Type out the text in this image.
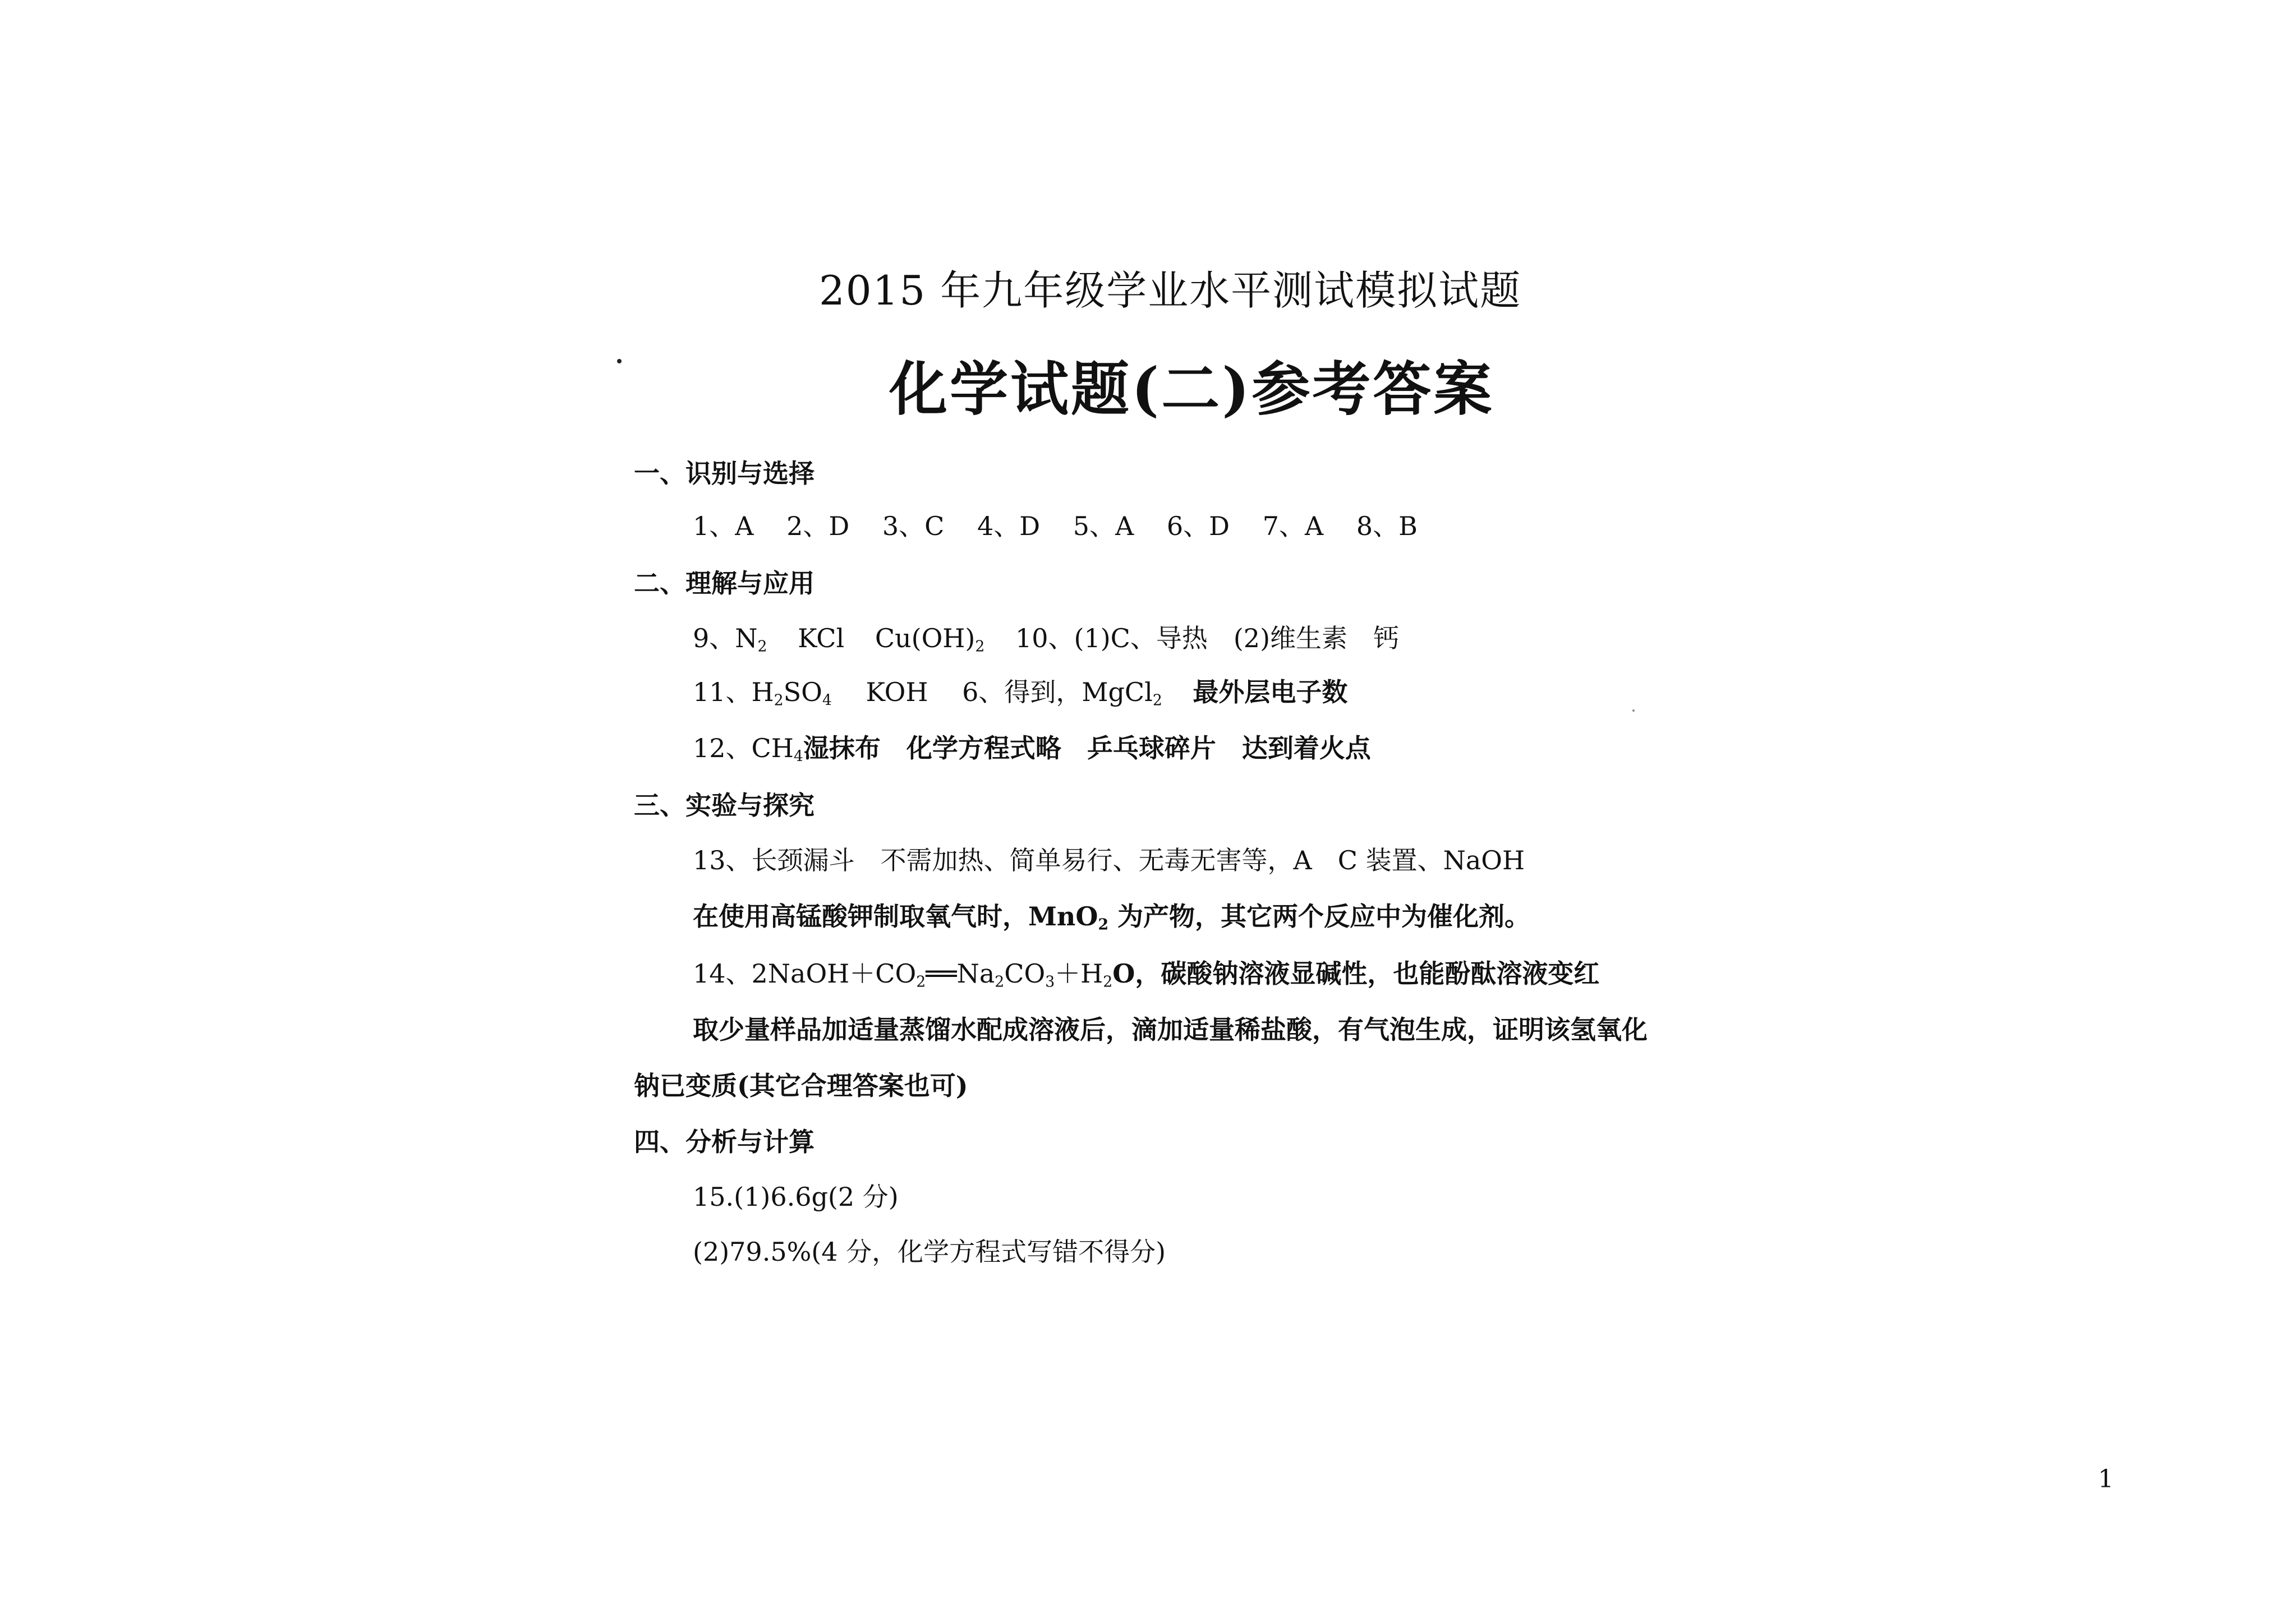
2015 年九年级学业水平测试模拟试题
化学试题(二)参考答案
一、识别与选择
1、A 2、D 3、C 4、D 5、A 6、D 7、A 8、B
二、理解与应用
9、$N_2$ KCl $Cu(OH)_2$ 10、(1)C、导热　(2)维生素　钙
11、$H_2SO_4$ KOH 6、得到，MgCl$_2$ 最外层电子数
12、$CH_4$湿抹布　化学方程式略　乒乓球碎片　达到着火点
三、实验与探究
13、长颈漏斗　不需加热、简单易行、无毒无害等，A　C 装置、NaOH
在使用高锰酸钾制取氧气时，MnO$_2$ 为产物，其它两个反应中为催化剂。
14、$2NaOH+CO_2══Na_2CO_3+H_2O$，碳酸钠溶液显碱性，也能酚酞溶液变红
取少量样品加适量蒸馏水配成溶液后，滴加适量稀盐酸，有气泡生成，证明该氢氧化
钠已变质(其它合理答案也可)
四、分析与计算
15.(1)6.6g(2 分)
(2)79.5%(4 分，化学方程式写错不得分)
1
